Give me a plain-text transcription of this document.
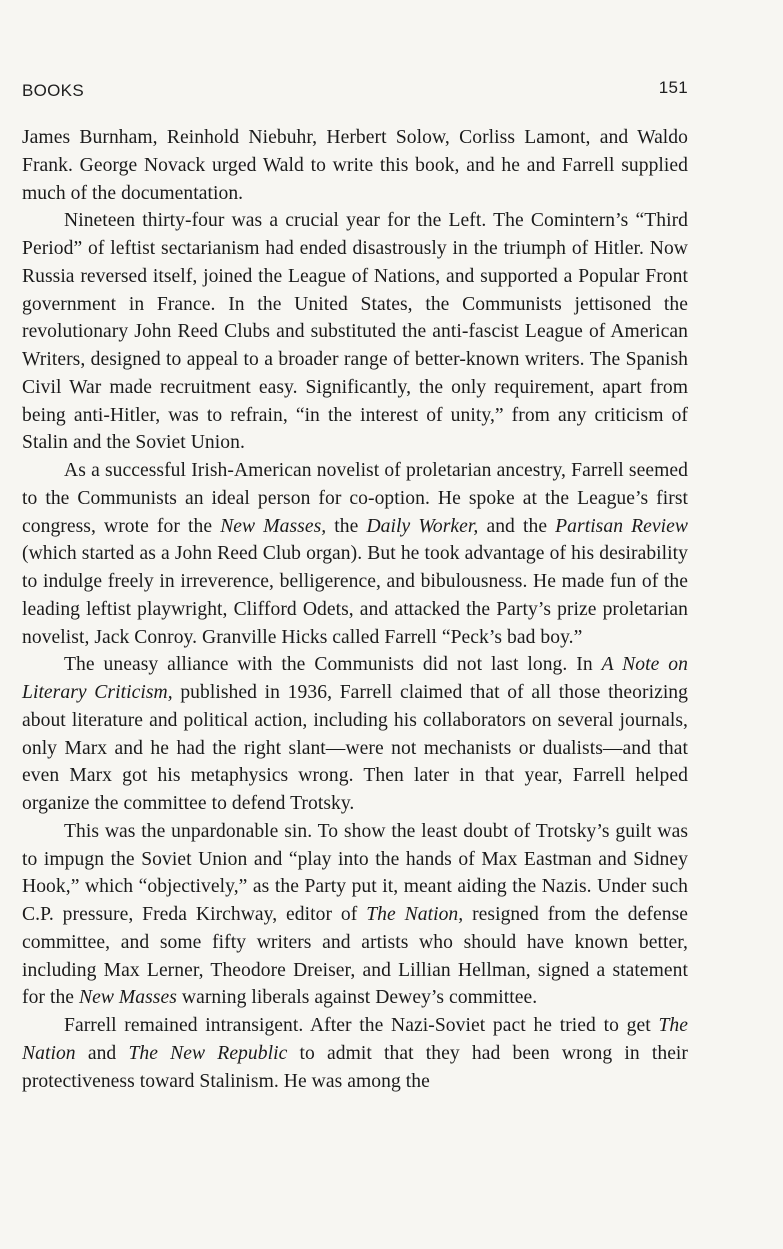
BOOKS	151

James Burnham, Reinhold Niebuhr, Herbert Solow, Corliss Lamont, and Waldo Frank. George Novack urged Wald to write this book, and he and Farrell supplied much of the documentation.

Nineteen thirty-four was a crucial year for the Left. The Comintern’s “Third Period” of leftist sectarianism had ended disastrously in the triumph of Hitler. Now Russia reversed itself, joined the League of Nations, and supported a Popular Front government in France. In the United States, the Communists jettisoned the revolutionary John Reed Clubs and substituted the anti-fascist League of American Writers, designed to appeal to a broader range of better-known writers. The Spanish Civil War made recruitment easy. Significantly, the only requirement, apart from being anti-Hitler, was to refrain, “in the interest of unity,” from any criticism of Stalin and the Soviet Union.

As a successful Irish-American novelist of proletarian ancestry, Farrell seemed to the Communists an ideal person for co-option. He spoke at the League’s first congress, wrote for the New Masses, the Daily Worker, and the Partisan Review (which started as a John Reed Club organ). But he took advantage of his desirability to indulge freely in irreverence, belligerence, and bibulousness. He made fun of the leading leftist playwright, Clifford Odets, and attacked the Party’s prize proletarian novelist, Jack Conroy. Granville Hicks called Farrell “Peck’s bad boy.”

The uneasy alliance with the Communists did not last long. In A Note on Literary Criticism, published in 1936, Farrell claimed that of all those theorizing about literature and political action, including his collaborators on several journals, only Marx and he had the right slant—were not mechanists or dualists—and that even Marx got his metaphysics wrong. Then later in that year, Farrell helped organize the committee to defend Trotsky.

This was the unpardonable sin. To show the least doubt of Trotsky’s guilt was to impugn the Soviet Union and “play into the hands of Max Eastman and Sidney Hook,” which “objectively,” as the Party put it, meant aiding the Nazis. Under such C.P. pressure, Freda Kirchway, editor of The Nation, resigned from the defense committee, and some fifty writers and artists who should have known better, including Max Lerner, Theodore Dreiser, and Lillian Hellman, signed a statement for the New Masses warning liberals against Dewey’s committee.

Farrell remained intransigent. After the Nazi-Soviet pact he tried to get The Nation and The New Republic to admit that they had been wrong in their protectiveness toward Stalinism. He was among the
